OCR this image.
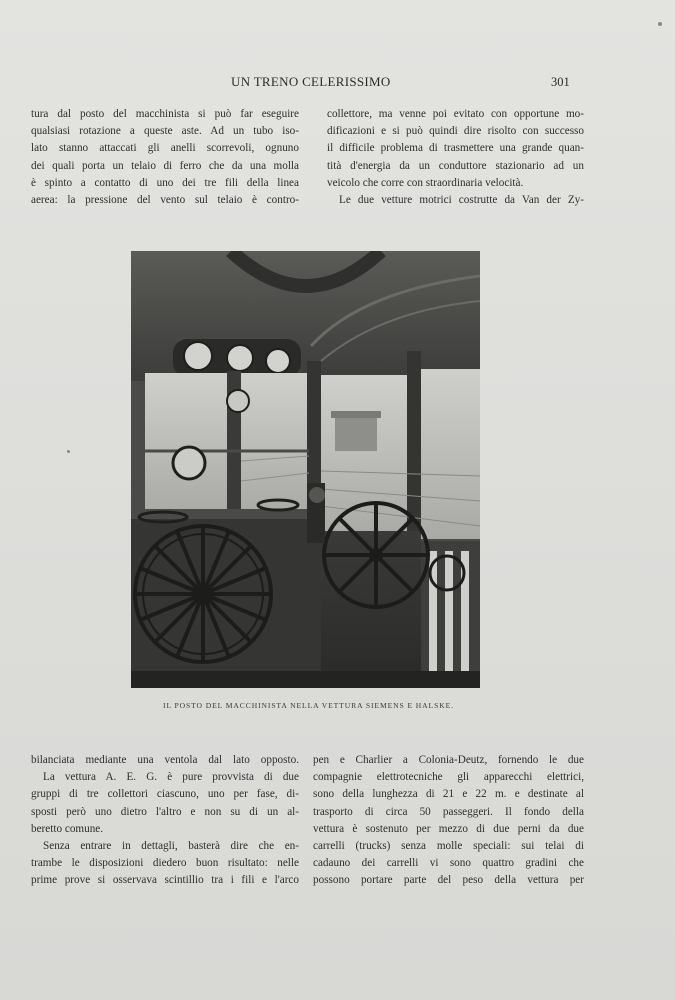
UN TRENO CELERISSIMO	301
tura dal posto del macchinista si può far eseguire
qualsiasi rotazione a queste aste. Ad un tubo iso-
lato stanno attaccati gli anelli scorrevoli, ognuno
dei quali porta un telaio di ferro che da una molla
è spinto a contatto di uno dei tre fili della linea
aerea: la pressione del vento sul telaio è contro-
collettore, ma venne poi evitato con opportune mo-
dificazioni e si può quindi dire risolto con successo
il difficile problema di trasmettere una grande quan-
tità d'energia da un conduttore stazionario ad un
veicolo che corre con straordinaria velocità.
Le due vetture motrici costrutte da Van der Zy-
IL POSTO DEL MACCHINISTA NELLA VETTURA SIEMENS E HALSKE.
bilanciata mediante una ventola dal lato opposto.
La vettura A. E. G. è pure provvista di due
gruppi di tre collettori ciascuno, uno per fase, di-
sposti però uno dietro l'altro e non su di un al-
beretto comune.
Senza entrare in dettagli, basterà dire che en-
trambe le disposizioni diedero buon risultato: nelle
prime prove si osservava scintillio tra i fili e l'arco
pen e Charlier a Colonia-Deutz, fornendo le due
compagnie elettrotecniche gli apparecchi elettrici,
sono della lunghezza di 21 e 22 m. e destinate al
trasporto di circa 50 passeggeri. Il fondo della
vettura è sostenuto per mezzo di due perni da due
carrelli (trucks) senza molle speciali: sui telai di
cadauno dei carrelli vi sono quattro gradini che
possono portare parte del peso della vettura per
